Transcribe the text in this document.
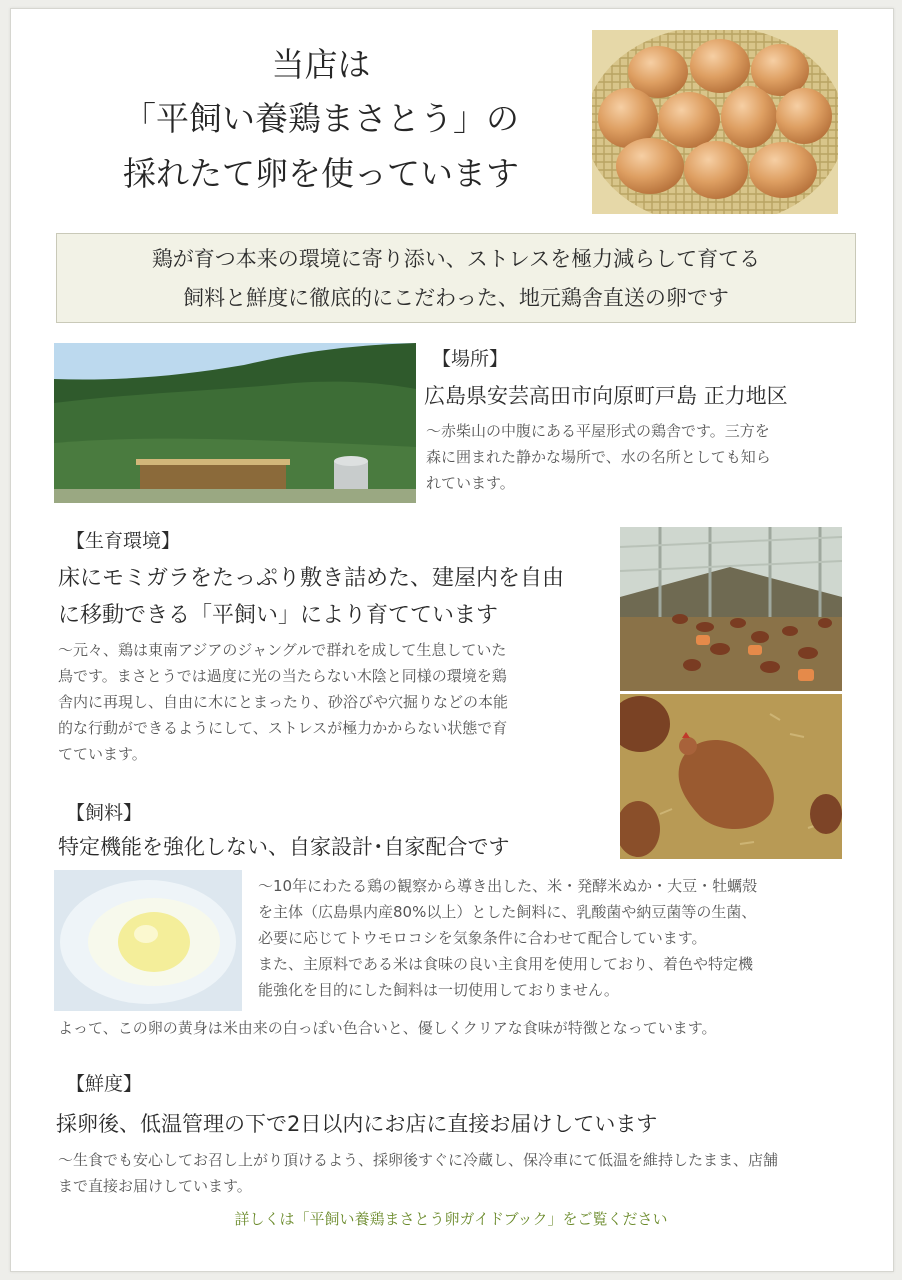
当店は
「平飼い養鶏まさとう」の
採れたて卵を使っています
鶏が育つ本来の環境に寄り添い、ストレスを極力減らして育てる
飼料と鮮度に徹底的にこだわった、地元鶏舎直送の卵です
【場所】
広島県安芸高田市向原町戸島 正力地区
～赤柴山の中腹にある平屋形式の鶏舎です。三方を
森に囲まれた静かな場所で、水の名所としても知ら
れています。
【生育環境】
床にモミガラをたっぷり敷き詰めた、建屋内を自由
に移動できる「平飼い」により育てています
～元々、鶏は東南アジアのジャングルで群れを成して生息していた
鳥です。まさとうでは過度に光の当たらない木陰と同様の環境を鶏
舎内に再現し、自由に木にとまったり、砂浴びや穴掘りなどの本能
的な行動ができるようにして、ストレスが極力かからない状態で育
てています。
【飼料】
特定機能を強化しない、自家設計･自家配合です
～10年にわたる鶏の観察から導き出した、米・発酵米ぬか・大豆・牡蠣殻
を主体（広島県内産80%以上）とした飼料に、乳酸菌や納豆菌等の生菌、
必要に応じてトウモロコシを気象条件に合わせて配合しています。
また、主原料である米は食味の良い主食用を使用しており、着色や特定機
能強化を目的にした飼料は一切使用しておりません。
よって、この卵の黄身は米由来の白っぽい色合いと、優しくクリアな食味が特徴となっています。
【鮮度】
採卵後、低温管理の下で2日以内にお店に直接お届けしています
～生食でも安心してお召し上がり頂けるよう、採卵後すぐに冷蔵し、保冷車にて低温を維持したまま、店舗
まで直接お届けしています。
詳しくは「平飼い養鶏まさとう卵ガイドブック」をご覧ください
